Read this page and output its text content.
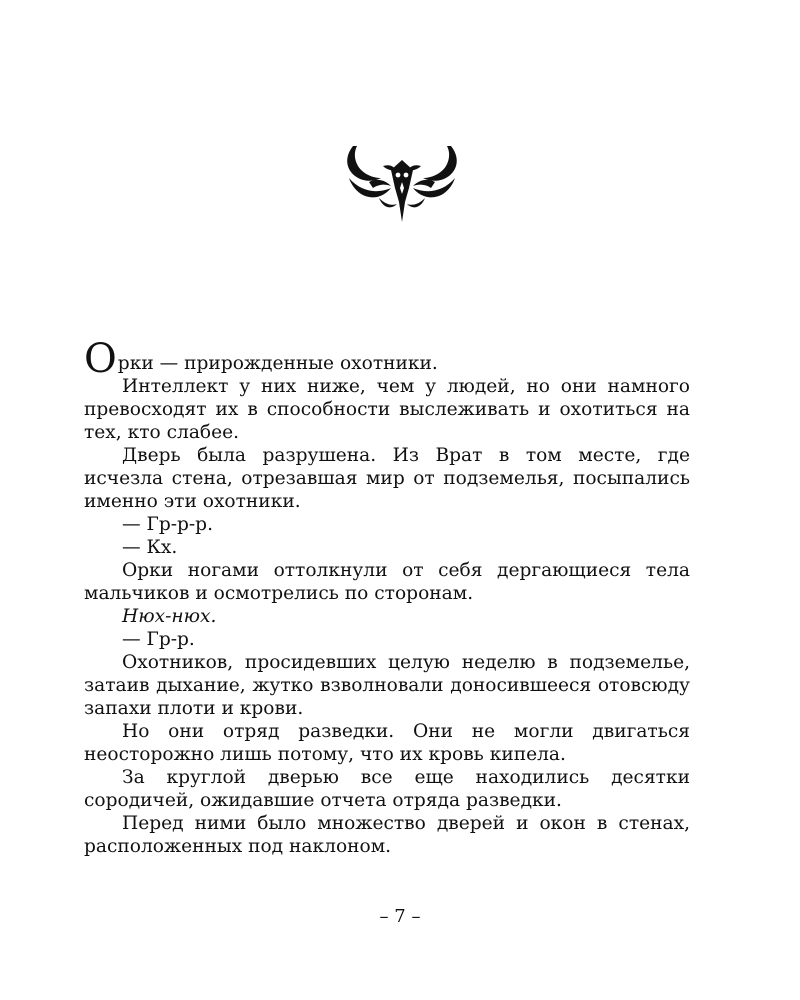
Орки — прирожденные охотники.

Интеллект у них ниже, чем у людей, но они намного превосходят их в способности выслеживать и охотиться на тех, кто слабее.

Дверь была разрушена. Из Врат в том месте, где исчезла стена, отрезавшая мир от подземелья, посыпались именно эти охотники.

— Гр-р-р.

— Кх.

Орки ногами оттолкнули от себя дергающиеся тела мальчиков и осмотрелись по сторонам.

Нюх-нюх.

— Гр-р.

Охотников, просидевших целую неделю в подземелье, затаив дыхание, жутко взволновали доносившееся отовсюду запахи плоти и крови.

Но они отряд разведки. Они не могли двигаться неосторожно лишь потому, что их кровь кипела.

За круглой дверью все еще находились десятки сородичей, ожидавшие отчета отряда разведки.

Перед ними было множество дверей и окон в стенах, расположенных под наклоном.

– 7 –
